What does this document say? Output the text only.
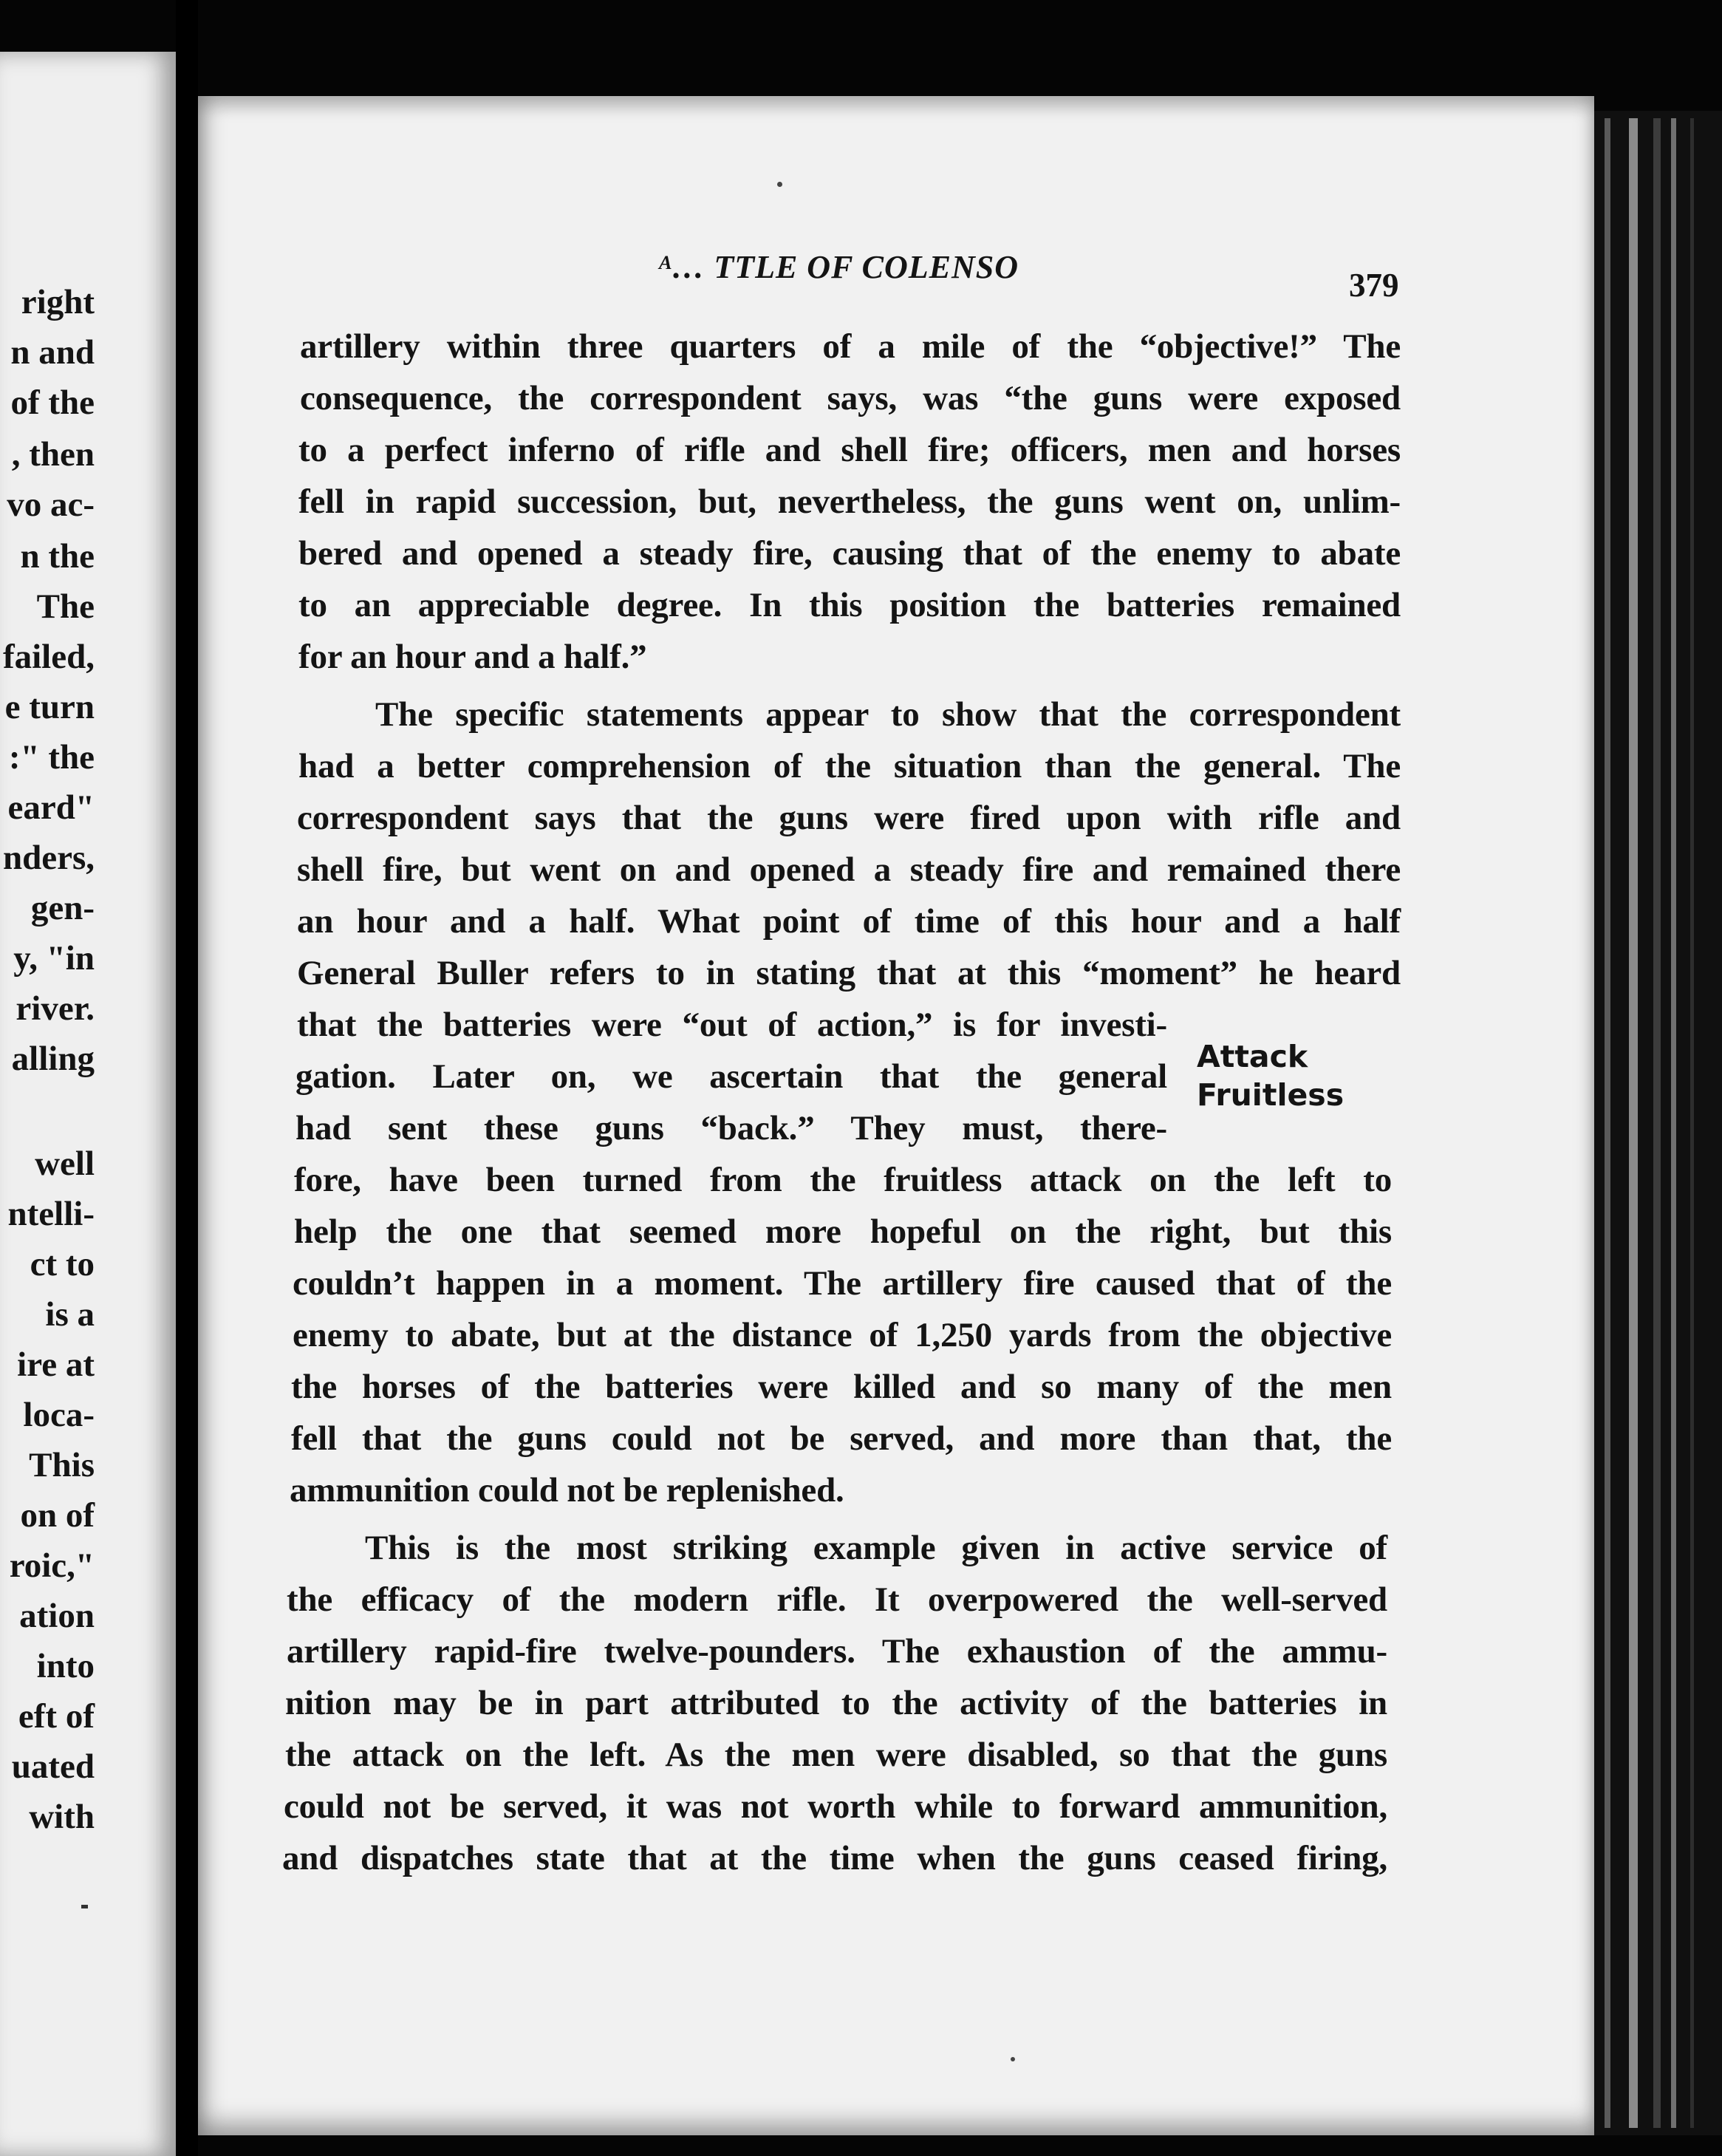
right
n and
of the
, then
vo ac-
n the
The
failed,
e turn
:" the
eard"
nders,
gen-
y, "in
river.
alling
well
ntelli-
ct to
is a
ire at
loca-
This
on of
roic,"
ation
into
eft of
uated
with
ᴬ… TTLE OF COLENSO	379
artillery within three quarters of a mile of the “objective!” The
consequence, the correspondent says, was “the guns were exposed
to a perfect inferno of rifle and shell fire; officers, men and horses
fell in rapid succession, but, nevertheless, the guns went on, unlim-
bered and opened a steady fire, causing that of the enemy to abate
to an appreciable degree. In this position the batteries remained
for an hour and a half.”
The specific statements appear to show that the correspondent
had a better comprehension of the situation than the general. The
correspondent says that the guns were fired upon with rifle and
shell fire, but went on and opened a steady fire and remained there
an hour and a half. What point of time of this hour and a half
General Buller refers to in stating that at this “moment” he heard
that the batteries were “out of action,” is for investi-
gation. Later on, we ascertain that the general
had sent these guns “back.” They must, there-
fore, have been turned from the fruitless attack on the left to
help the one that seemed more hopeful on the right, but this
couldn’t happen in a moment. The artillery fire caused that of the
enemy to abate, but at the distance of 1,250 yards from the objective
the horses of the batteries were killed and so many of the men
fell that the guns could not be served, and more than that, the
ammunition could not be replenished.
This is the most striking example given in active service of
the efficacy of the modern rifle. It overpowered the well-served
artillery rapid-fire twelve-pounders. The exhaustion of the ammu-
nition may be in part attributed to the activity of the batteries in
the attack on the left. As the men were disabled, so that the guns
could not be served, it was not worth while to forward ammunition,
and dispatches state that at the time when the guns ceased firing,
Attack
Fruitless
